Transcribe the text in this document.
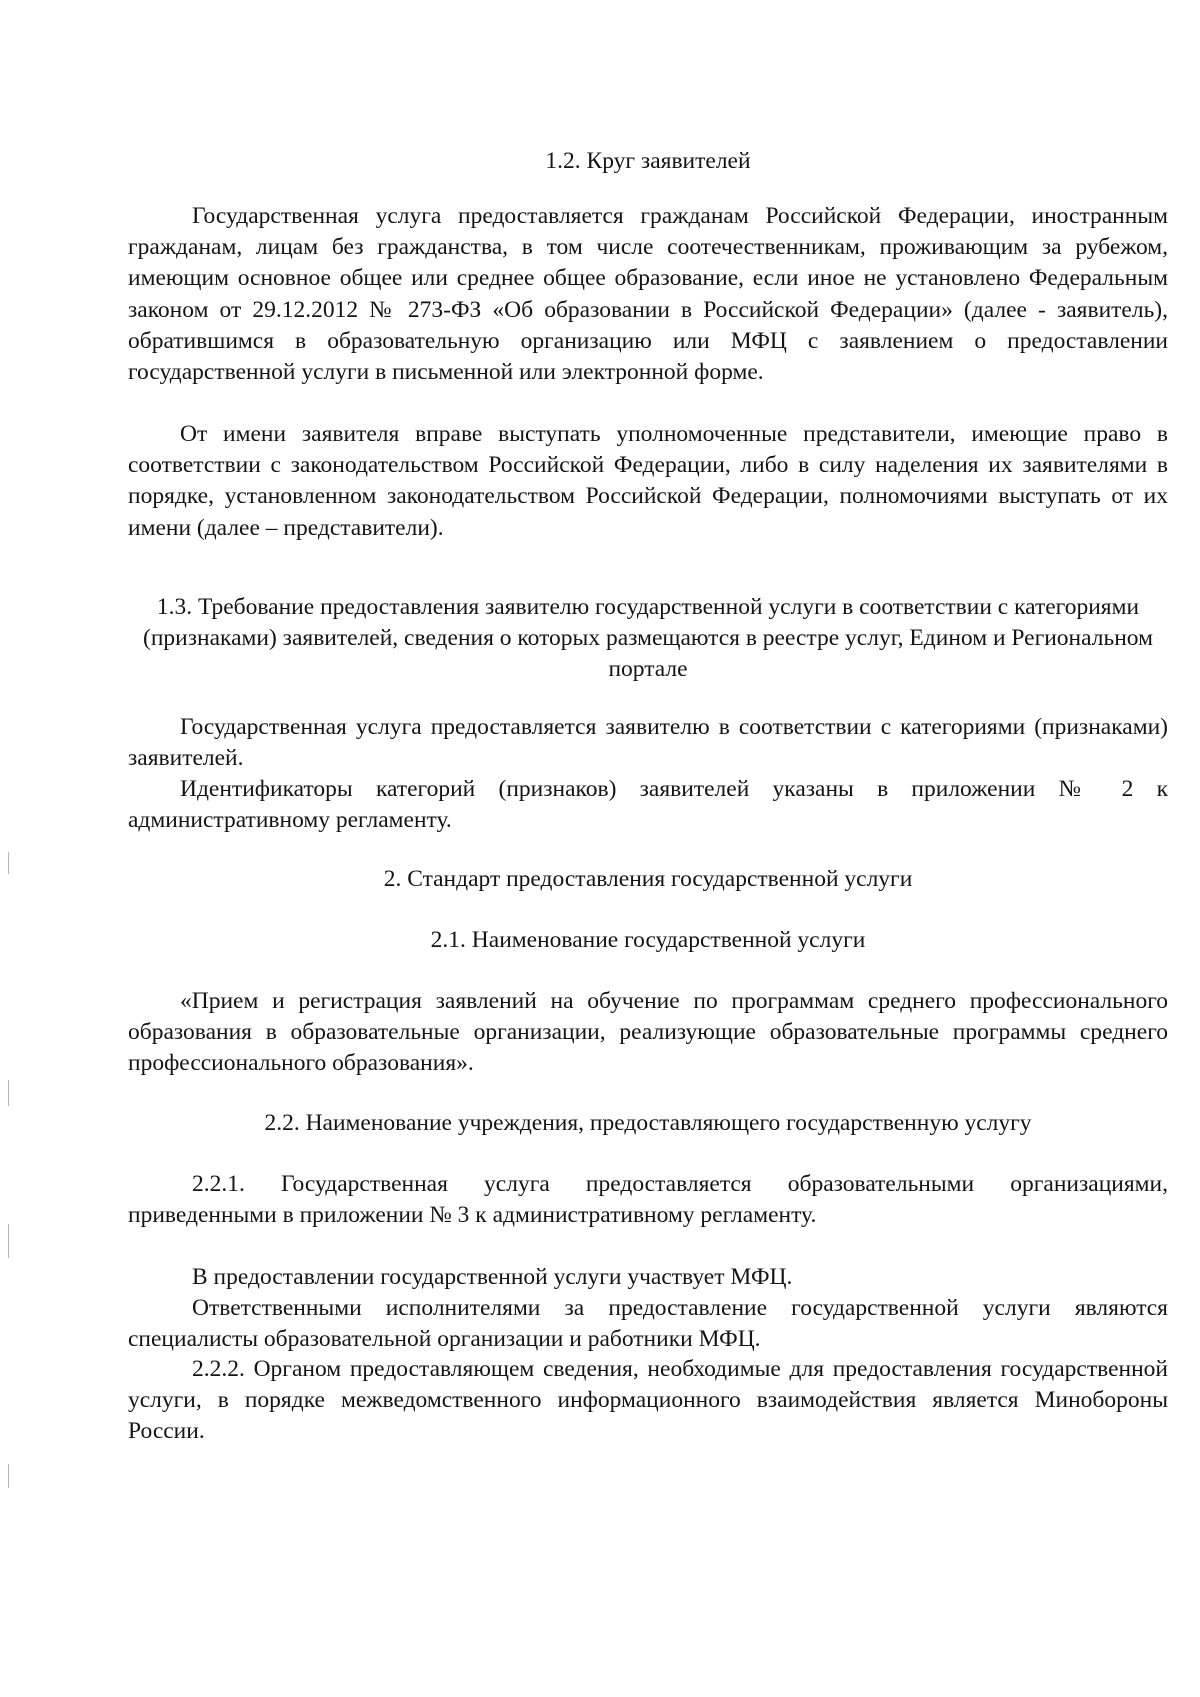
1.2. Круг заявителей

Государственная услуга предоставляется гражданам Российской Федерации, иностранным гражданам, лицам без гражданства, в том числе соотечественникам, проживающим за рубежом, имеющим основное общее или среднее общее образование, если иное не установлено Федеральным законом от 29.12.2012 № 273-ФЗ «Об образовании в Российской Федерации» (далее - заявитель), обратившимся в образовательную организацию или МФЦ с заявлением о предоставлении государственной услуги в письменной или электронной форме.

От имени заявителя вправе выступать уполномоченные представители, имеющие право в соответствии с законодательством Российской Федерации, либо в силу наделения их заявителями в порядке, установленном законодательством Российской Федерации, полномочиями выступать от их имени (далее – представители).

1.3. Требование предоставления заявителю государственной услуги в соответствии с категориями (признаками) заявителей, сведения о которых размещаются в реестре услуг, Едином и Региональном портале

Государственная услуга предоставляется заявителю в соответствии с категориями (признаками) заявителей.

Идентификаторы категорий (признаков) заявителей указаны в приложении № 2 к административному регламенту.

2. Стандарт предоставления государственной услуги
2.1. Наименование государственной услуги

«Прием и регистрация заявлений на обучение по программам среднего профессионального образования в образовательные организации, реализующие образовательные программы среднего профессионального образования».

2.2. Наименование учреждения, предоставляющего государственную услугу

2.2.1. Государственная услуга предоставляется образовательными организациями, приведенными в приложении № 3 к административному регламенту.

В предоставлении государственной услуги участвует МФЦ.

Ответственными исполнителями за предоставление государственной услуги являются специалисты образовательной организации и работники МФЦ.

2.2.2. Органом предоставляющем сведения, необходимые для предоставления государственной услуги, в порядке межведомственного информационного взаимодействия является Минобороны России.
